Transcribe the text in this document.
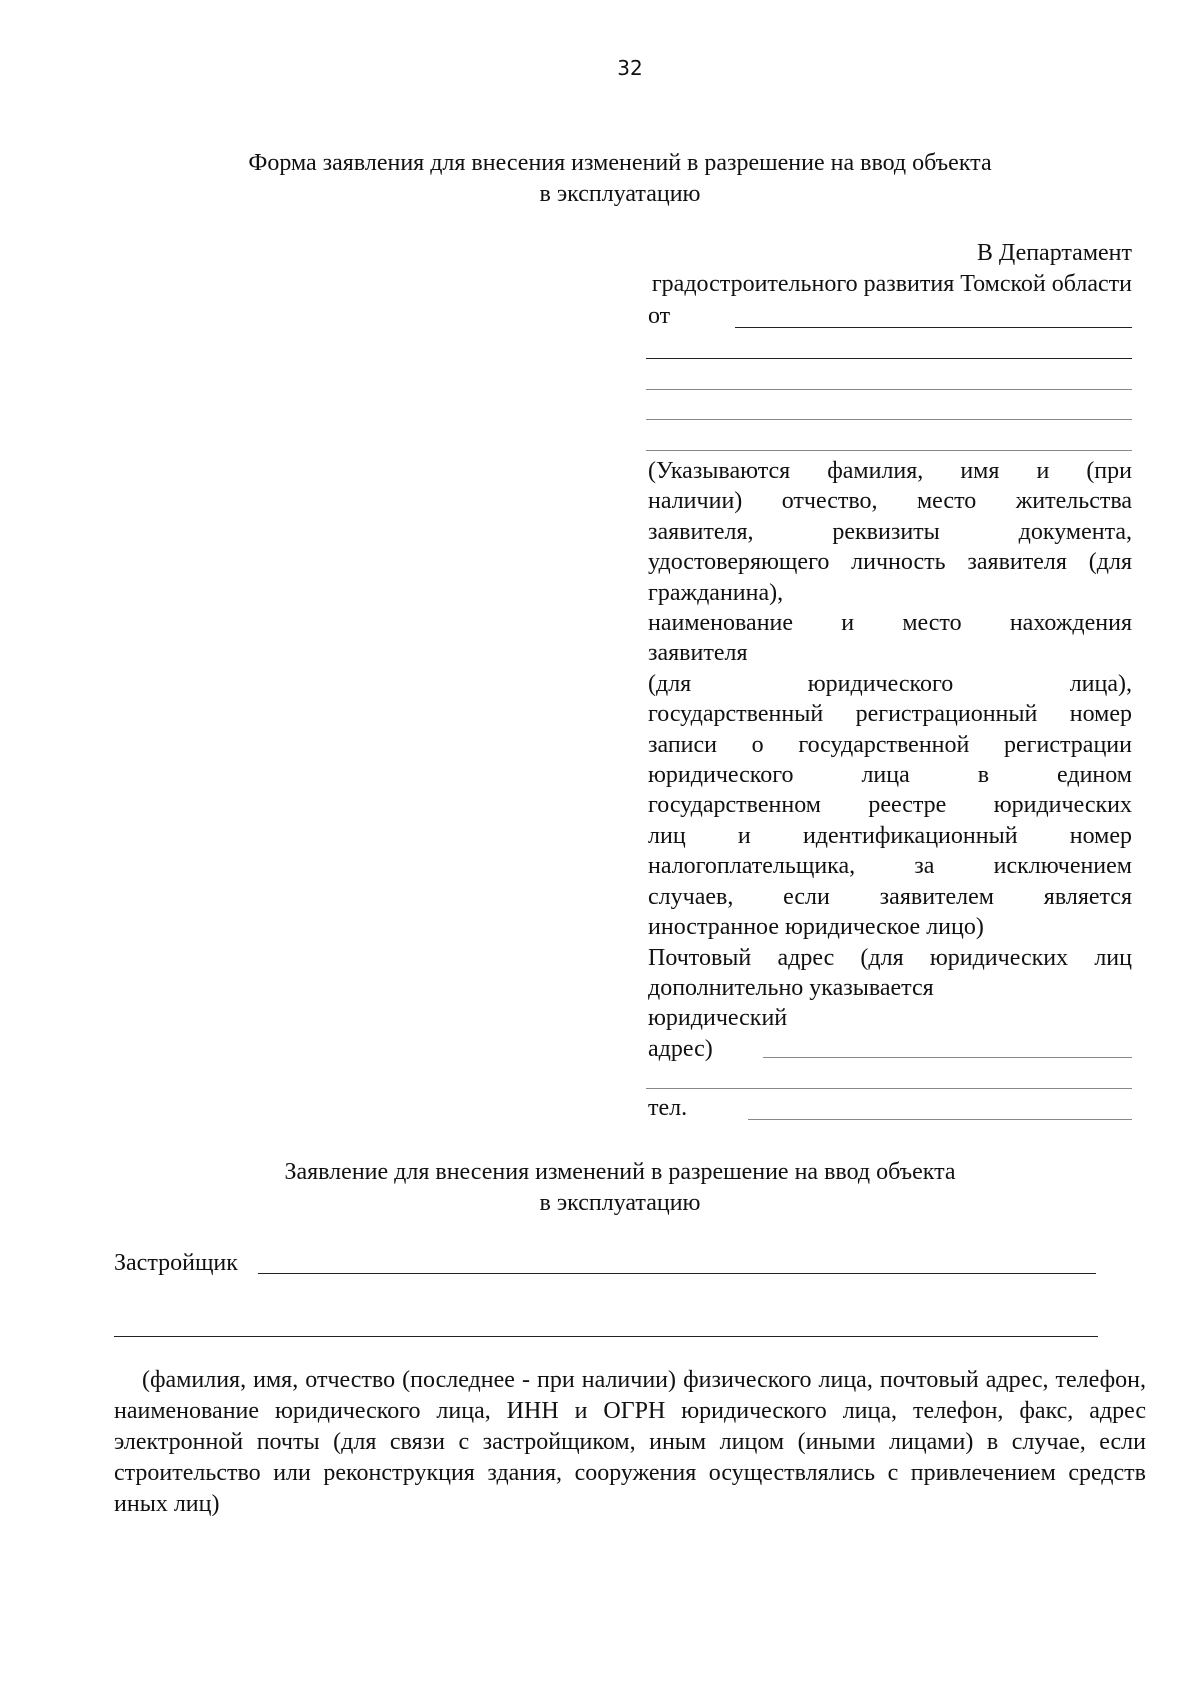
32
Форма заявления для внесения изменений в разрешение на ввод объекта
в эксплуатацию
В Департамент
градостроительного развития Томской области
от
(Указываются фамилия, имя и (при
наличии) отчество, место жительства
заявителя, реквизиты документа,
удостоверяющего личность заявителя (для
гражданина),
наименование и место нахождения
заявителя
(для юридического лица),
государственный регистрационный номер
записи о государственной регистрации
юридического лица в едином
государственном реестре юридических
лиц и идентификационный номер
налогоплательщика, за исключением
случаев, если заявителем является
иностранное юридическое лицо)
Почтовый адрес (для юридических лиц
дополнительно указывается
юридический
адрес)
тел.
Заявление для внесения изменений в разрешение на ввод объекта
в эксплуатацию
Застройщик
(фамилия, имя, отчество (последнее - при наличии) физического лица, почтовый адрес, телефон, наименование юридического лица, ИНН и ОГРН юридического лица, телефон, факс, адрес электронной почты (для связи с застройщиком, иным лицом (иными лицами) в случае, если строительство или реконструкция здания, сооружения осуществлялись с привлечением средств иных лиц)
